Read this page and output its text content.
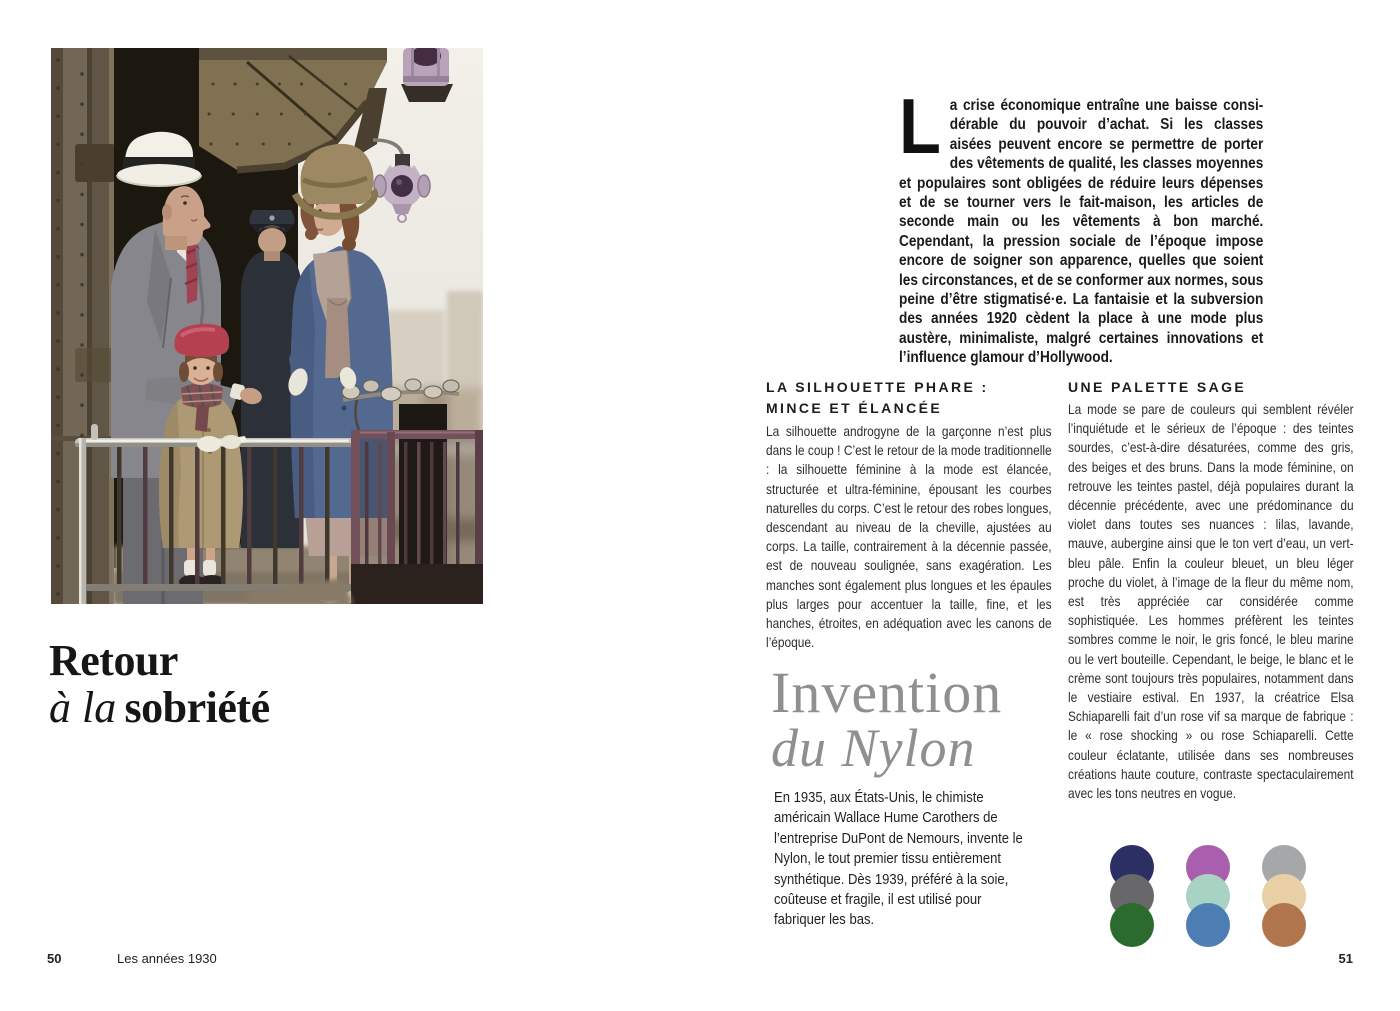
Retour
à la sobriété
50	Les années 1930

La crise économique entraîne une baisse considérable du pouvoir d’achat. Si les classes aisées peuvent encore se permettre de porter des vêtements de qualité, les classes moyennes et populaires sont obligées de réduire leurs dépenses et de se tourner vers le fait-maison, les articles de seconde main ou les vêtements à bon marché. Cependant, la pression sociale de l’époque impose encore de soigner son apparence, quelles que soient les circonstances, et de se conformer aux normes, sous peine d’être stigmatisé·e. La fantaisie et la subversion des années 1920 cèdent la place à une mode plus austère, minimaliste, malgré certaines innovations et l’influence glamour d’Hollywood.

LA SILHOUETTE PHARE :
MINCE ET ÉLANCÉE
La silhouette androgyne de la garçonne n’est plus dans le coup ! C’est le retour de la mode traditionnelle : la silhouette féminine à la mode est élancée, structurée et ultra-féminine, épousant les courbes naturelles du corps. C’est le retour des robes longues, descendant au niveau de la cheville, ajustées au corps. La taille, contrairement à la décennie passée, est de nouveau soulignée, sans exagération. Les manches sont également plus longues et les épaules plus larges pour accentuer la taille, fine, et les hanches, étroites, en adéquation avec les canons de l’époque.
UNE PALETTE SAGE
La mode se pare de couleurs qui semblent révéler l’inquiétude et le sérieux de l’époque : des teintes sourdes, c’est-à-dire désaturées, comme des gris, des beiges et des bruns. Dans la mode féminine, on retrouve les teintes pastel, déjà populaires durant la décennie précédente, avec une prédominance du violet dans toutes ses nuances : lilas, lavande, mauve, aubergine ainsi que le ton vert d’eau, un vert-bleu pâle. Enfin la couleur bleuet, un bleu léger proche du violet, à l’image de la fleur du même nom, est très appréciée car considérée comme sophistiquée. Les hommes préfèrent les teintes sombres comme le noir, le gris foncé, le bleu marine ou le vert bouteille. Cependant, le beige, le blanc et le crème sont toujours très populaires, notamment dans le vestiaire estival. En 1937, la créatrice Elsa Schiaparelli fait d’un rose vif sa marque de fabrique : le « rose shocking » ou rose Schiaparelli. Cette couleur éclatante, utilisée dans ses nombreuses créations haute couture, contraste spectaculairement avec les tons neutres en vogue.
Invention
du Nylon
En 1935, aux États-Unis, le chimiste américain Wallace Hume Carothers de l’entreprise DuPont de Nemours, invente le Nylon, le tout premier tissu entièrement synthétique. Dès 1939, préféré à la soie, coûteuse et fragile, il est utilisé pour fabriquer les bas.
51
